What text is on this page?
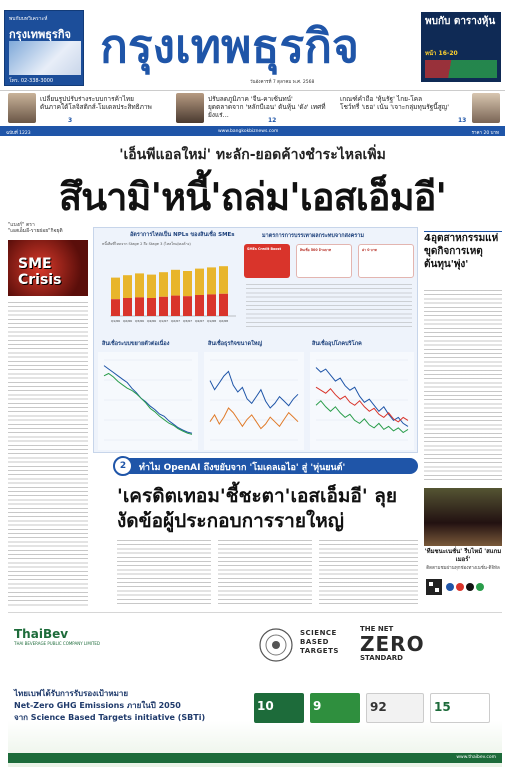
พบกับบทวิเคราะห์
กรุงเทพธุรกิจ
โทร. 02-338-3000
กรุงเทพธุรกิจ
วันอังคารที่ 7 ตุลาคม พ.ศ. 2568
พบกับ ตารางหุ้น
หน้า 16-20
เปลี่ยนรูปปรับร่างระบบการค้าไทย
ดันภาคใต้โลจิสติกส์-โมเดลประสิทธิภาพ
3
ปรับลดภูมิภาค 'จีน-คาเซ้นทน์'
ยุดตลาดจาก 'หลักบีเอน' ดันหุ้น 'ดัง' เทศที่ยังแร่...
12
เกณฑ์คำถือ 'หุ้นรัฐ' ไกย-โคล
โชว์ทรี่ 'เธอ' เน้น 'เจาะกลุ่มทุนรัฐนี้สูญ'
13
ฉบับที่ 1223	www.bangkokbiznews.com	ราคา 20 บาท
'เอ็นพีแอลใหม่' ทะลัก-ยอดค้างชำระไหลเพิ่ม
สึนามิ'หนี้'ถล่ม'เอสเอ็มอี'
"แบงก์" ตรา
"เอสเอ็มอี-รายย่อย"กิจยุติ
SME Crisis
อัตราการไหลเป็น NPLs ของสินเชื่อ SMEs
หนี้เสียที่ไหลจาก Stage 2 ถึง Stage 3 (ไหลใหม่/คงค้าง)
Q1/66 Q2/66 Q3/66 Q4/66 Q1/67 Q2/67 Q3/67 Q4/67 Q1/68 Q2/68
มาตรการการบรรเทาผลกระทบจากสงคราม
SMEs Credit Boost	สินเชื่อ 500 ล้านบาท	ค่า 0 บาท
สินเชื่อระบบขยายตัวต่อเนื่อง	สินเชื่อธุรกิจขนาดใหญ่	สินเชื่ออุปโภคบริโภค
4อุตสาหกรรมแห่ขุดกิจการเหตุต้นทุน'พุ่ง'
'ทีมชนะเนชั่น' รีบไหม้ 'สแกมเมอร์'
ติดตามชมผ่านทุกช่องทางเนชั่น-ดิจิทัล
2	ทำไม OpenAI ถึงขยับจาก 'โมเดลเอไอ' สู่ 'หุ่นยนต์'
'เครดิตเทอม'ชี้ชะตา'เอสเอ็มอี' ลุยงัดข้อผู้ประกอบการรายใหญ่
ThaiBev
THAI BEVERAGE PUBLIC COMPANY LIMITED
ไทยเบฟได้รับการรับรองเป้าหมาย
Net-Zero GHG Emissions ภายในปี 2050
จาก Science Based Targets initiative (SBTi)
SCIENCE BASED TARGETS
THE NET
ZERO
STANDARD
10	9	92	15
www.thaibev.com
